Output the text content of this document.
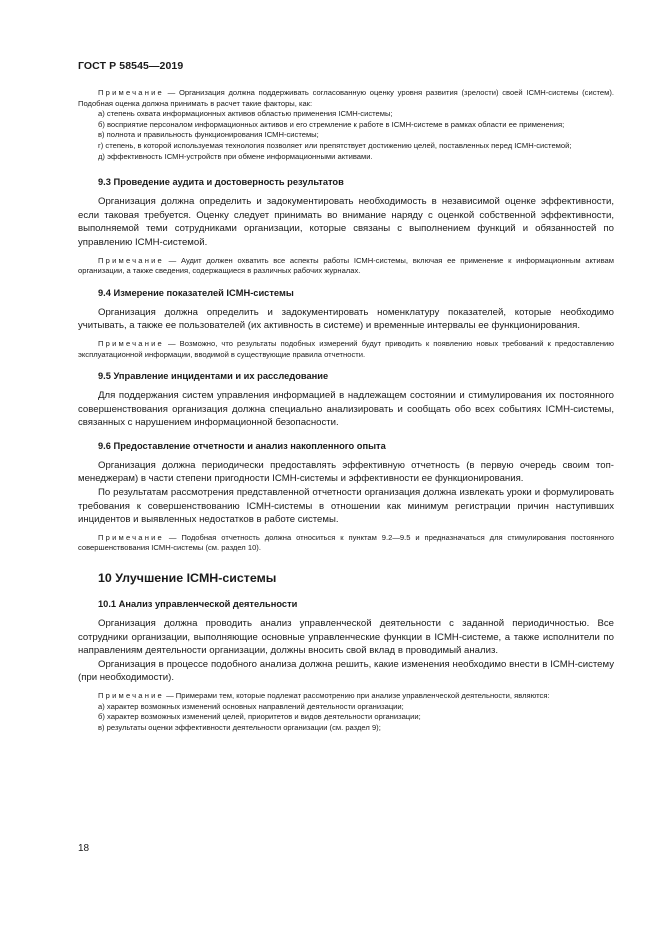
ГОСТ Р 58545—2019

Примечание — Организация должна поддерживать согласованную оценку уровня развития (зрелости) своей ICMH-системы (систем). Подобная оценка должна принимать в расчет такие факторы, как:

а) степень охвата информационных активов областью применения ICMH-системы;

б) восприятие персоналом информационных активов и его стремление к работе в ICMH-системе в рамках области ее применения;

в) полнота и правильность функционирования ICMH-системы;

г) степень, в которой используемая технология позволяет или препятствует достижению целей, поставленных перед ICMH-системой;

д) эффективность ICMH-устройств при обмене информационными активами.

9.3 Проведение аудита и достоверность результатов

Организация должна определить и задокументировать необходимость в независимой оценке эффективности, если таковая требуется. Оценку следует принимать во внимание наряду с оценкой собственной эффективности, выполняемой теми сотрудниками организации, которые связаны с выполнением функций и обязанностей по управлению ICMH-системой.

Примечание — Аудит должен охватить все аспекты работы ICMH-системы, включая ее применение к информационным активам организации, а также сведения, содержащиеся в различных рабочих журналах.

9.4 Измерение показателей ICMH-системы

Организация должна определить и задокументировать номенклатуру показателей, которые необходимо учитывать, а также ее пользователей (их активность в системе) и временные интервалы ее функционирования.

Примечание — Возможно, что результаты подобных измерений будут приводить к появлению новых требований к предоставлению эксплуатационной информации, вводимой в существующие правила отчетности.

9.5 Управление инцидентами и их расследование

Для поддержания систем управления информацией в надлежащем состоянии и стимулирования их постоянного совершенствования организация должна специально анализировать и сообщать обо всех событиях ICMH-системы, связанных с нарушением информационной безопасности.

9.6 Предоставление отчетности и анализ накопленного опыта

Организация должна периодически предоставлять эффективную отчетность (в первую очередь своим топ-менеджерам) в части степени пригодности ICMH-системы и эффективности ее функционирования.

По результатам рассмотрения представленной отчетности организация должна извлекать уроки и формулировать требования к совершенствованию ICMH-системы в отношении как минимум регистрации причин наступивших инцидентов и выявленных недостатков в работе системы.

Примечание — Подобная отчетность должна относиться к пунктам 9.2—9.5 и предназначаться для стимулирования постоянного совершенствования ICMH-системы (см. раздел 10).

10 Улучшение ICMH-системы
10.1 Анализ управленческой деятельности

Организация должна проводить анализ управленческой деятельности с заданной периодичностью. Все сотрудники организации, выполняющие основные управленческие функции в ICMH-системе, а также исполнители по направлениям деятельности организации, должны вносить свой вклад в проводимый анализ.

Организация в процессе подобного анализа должна решить, какие изменения необходимо внести в ICMH-систему (при необходимости).

Примечание — Примерами тем, которые подлежат рассмотрению при анализе управленческой деятельности, являются:

а) характер возможных изменений основных направлений деятельности организации;

б) характер возможных изменений целей, приоритетов и видов деятельности организации;

в) результаты оценки эффективности деятельности организации (см. раздел 9);

18
